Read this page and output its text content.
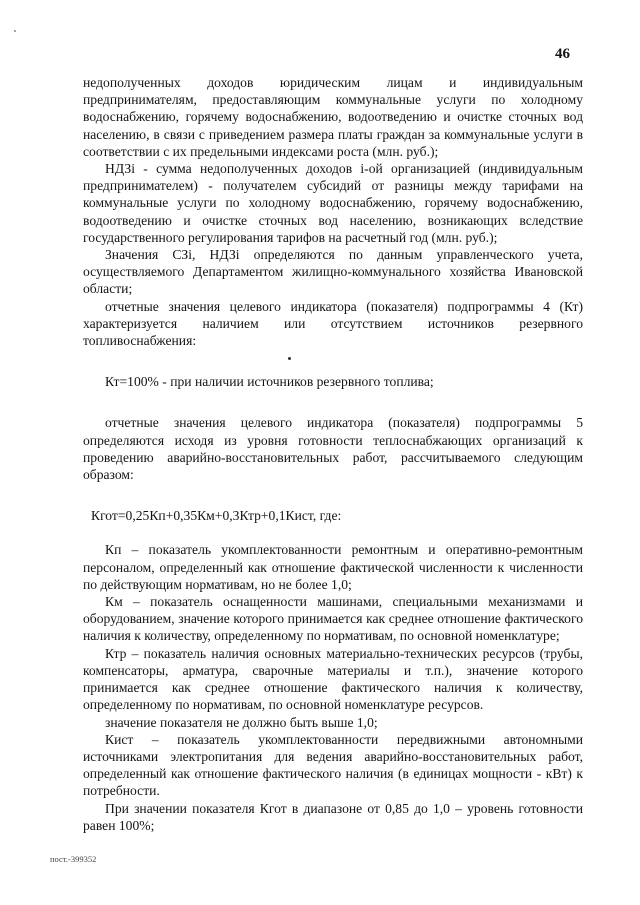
46

недополученных доходов юридическим лицам и индивидуальным предпринимателям, предоставляющим коммунальные услуги по холодному водоснабжению, горячему водоснабжению, водоотведению и очистке сточных вод населению, в связи с приведением размера платы граждан за коммунальные услуги в соответствии с их предельными индексами роста (млн. руб.);

НДЗi - сумма недополученных доходов i-ой организацией (индивидуальным предпринимателем) - получателем субсидий от разницы между тарифами на коммунальные услуги по холодному водоснабжению, горячему водоснабжению, водоотведению и очистке сточных вод населению, возникающих вследствие государственного регулирования тарифов на расчетный год (млн. руб.);

Значения СЗi, НДЗi определяются по данным управленческого учета, осуществляемого Департаментом жилищно-коммунального хозяйства Ивановской области;

отчетные значения целевого индикатора (показателя) подпрограммы 4 (Кт) характеризуется наличием или отсутствием источников резервного топливоснабжения:

Кт=100% - при наличии источников резервного топлива;

отчетные значения целевого индикатора (показателя) подпрограммы 5 определяются исходя из уровня готовности теплоснабжающих организаций к проведению аварийно-восстановительных работ, рассчитываемого следующим образом:

Кгот=0,25Кп+0,35Км+0,3Ктр+0,1Кист, где:

Кп – показатель укомплектованности ремонтным и оперативно-ремонтным персоналом, определенный как отношение фактической численности к численности по действующим нормативам, но не более 1,0;

Км – показатель оснащенности машинами, специальными механизмами и оборудованием, значение которого принимается как среднее отношение фактического наличия к количеству, определенному по нормативам, по основной номенклатуре;

Ктр – показатель наличия основных материально-технических ресурсов (трубы, компенсаторы, арматура, сварочные материалы и т.п.), значение которого принимается как среднее отношение фактического наличия к количеству, определенному по нормативам, по основной номенклатуре ресурсов.

значение показателя не должно быть выше 1,0;

Кист – показатель укомплектованности передвижными автономными источниками электропитания для ведения аварийно-восстановительных работ, определенный как отношение фактического наличия (в единицах мощности - кВт) к потребности.

При значении показателя Кгот в диапазоне от 0,85 до 1,0 – уровень готовности равен 100%;

пост.-399352
